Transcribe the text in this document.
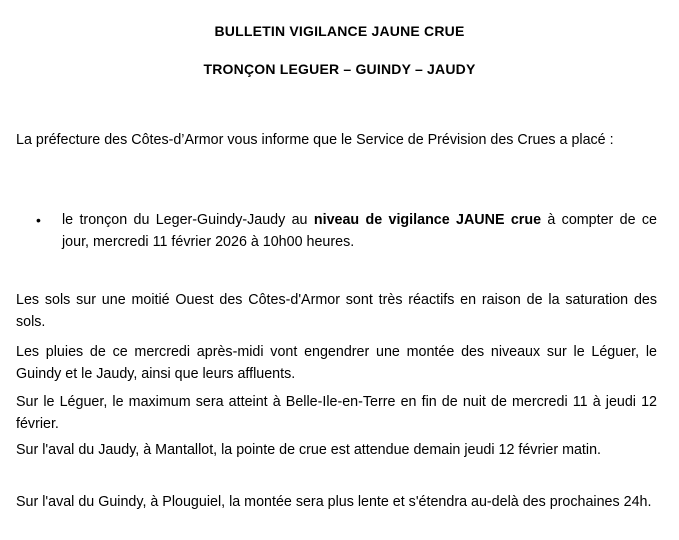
BULLETIN VIGILANCE JAUNE CRUE
TRONÇON LEGUER – GUINDY – JAUDY

La préfecture des Côtes-d’Armor vous informe que le Service de Prévision des Crues a placé :

• le tronçon du Leger-Guindy-Jaudy au niveau de vigilance JAUNE crue à compter de ce jour, mercredi 11 février 2026 à 10h00 heures.

Les sols sur une moitié Ouest des Côtes-d'Armor sont très réactifs en raison de la saturation des sols.

Les pluies de ce mercredi après-midi vont engendrer une montée des niveaux sur le Léguer, le Guindy et le Jaudy, ainsi que leurs affluents.

Sur le Léguer, le maximum sera atteint à Belle-Ile-en-Terre en fin de nuit de mercredi 11 à jeudi 12 février.

Sur l'aval du Jaudy, à Mantallot, la pointe de crue est attendue demain jeudi 12 février matin.

Sur l'aval du Guindy, à Plouguiel, la montée sera plus lente et s'étendra au-delà des prochaines 24h.
